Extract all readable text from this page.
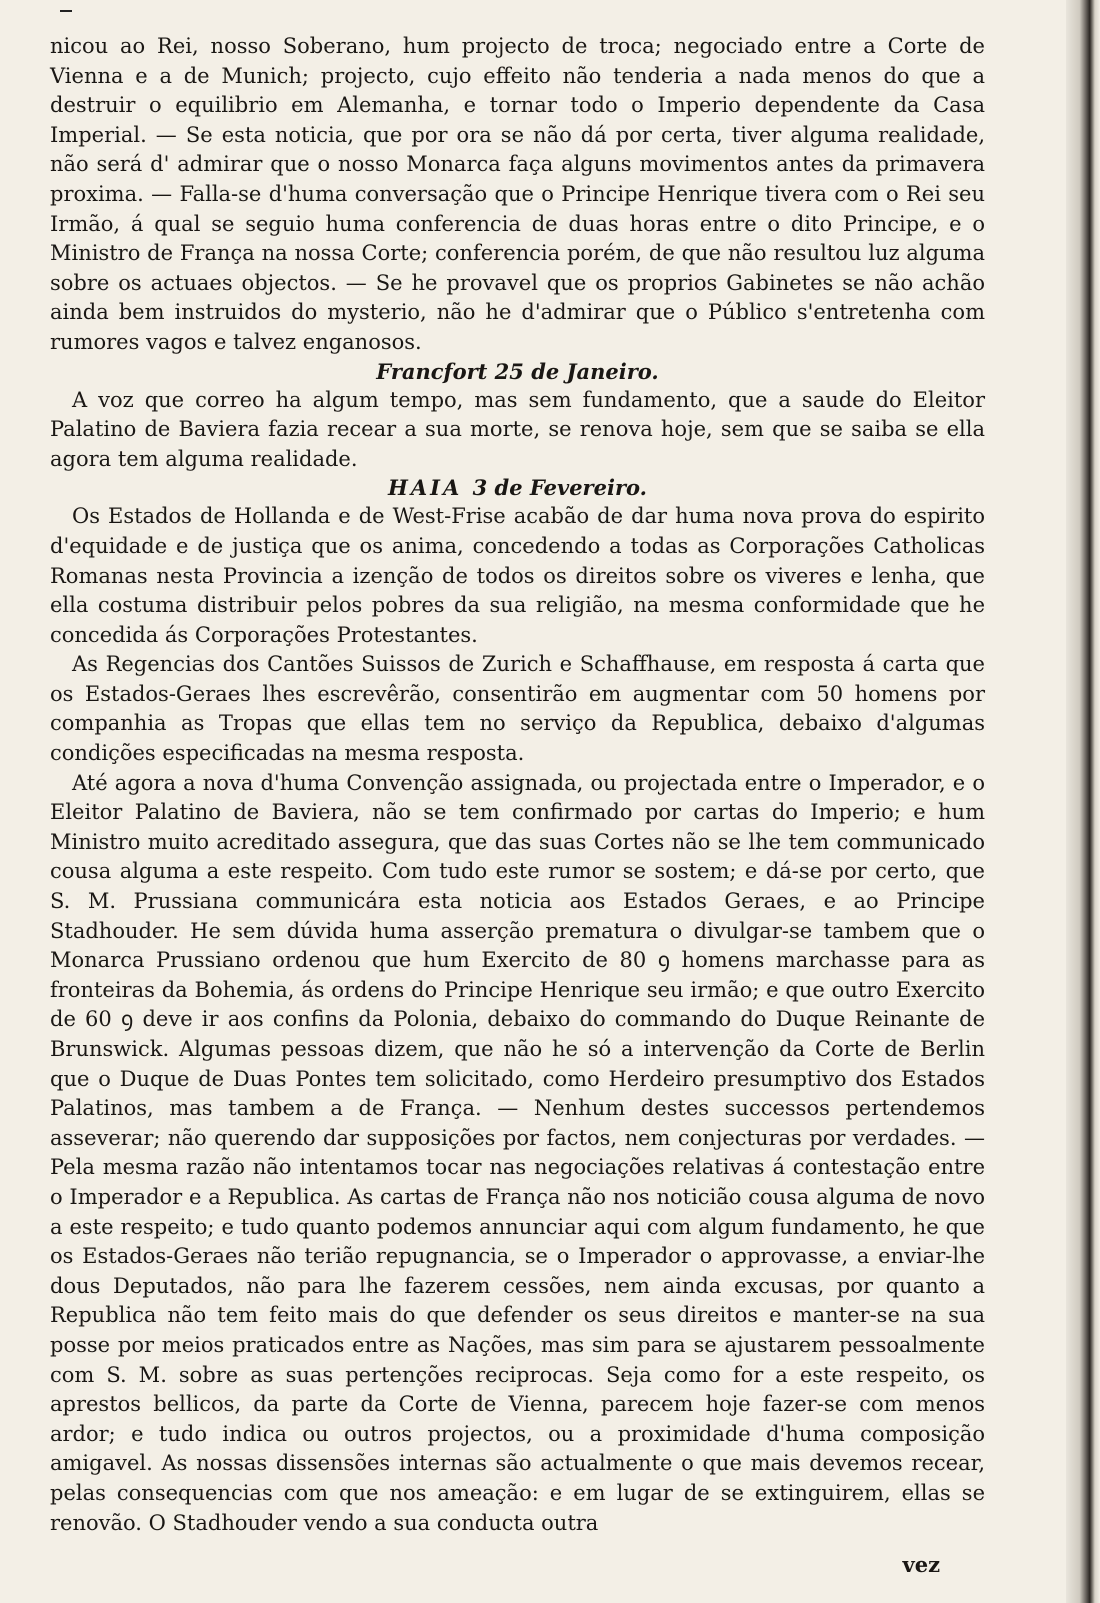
nicou ao Rei, nosso Soberano, hum projecto de troca; negociado entre a Corte de Vienna e a de Munich; projecto, cujo effeito não tenderia a nada menos do que a destruir o equilibrio em Alemanha, e tornar todo o Imperio dependente da Casa Imperial. — Se esta noticia, que por ora se não dá por certa, tiver alguma realidade, não será d' admirar que o nosso Monarca faça alguns movimentos antes da primavera proxima. — Falla-se d'huma conversação que o Principe Henrique tivera com o Rei seu Irmão, á qual se seguio huma conferencia de duas horas entre o dito Principe, e o Ministro de França na nossa Corte; conferencia porém, de que não resultou luz alguma sobre os actuaes objectos. — Se he provavel que os proprios Gabinetes se não achão ainda bem instruidos do mysterio, não he d'admirar que o Público s'entretenha com rumores vagos e talvez enganosos.

Francfort 25 de Janeiro.

A voz que correo ha algum tempo, mas sem fundamento, que a saude do Eleitor Palatino de Baviera fazia recear a sua morte, se renova hoje, sem que se saiba se ella agora tem alguma realidade.

HAIA 3 de Fevereiro.

Os Estados de Hollanda e de West-Frise acabão de dar huma nova prova do espirito d'equidade e de justiça que os anima, concedendo a todas as Corporações Catholicas Romanas nesta Provincia a izenção de todos os direitos sobre os viveres e lenha, que ella costuma distribuir pelos pobres da sua religião, na mesma conformidade que he concedida ás Corporações Protestantes.

As Regencias dos Cantões Suissos de Zurich e Schaffhause, em resposta á carta que os Estados-Geraes lhes escrevêrão, consentirão em augmentar com 50 homens por companhia as Tropas que ellas tem no serviço da Republica, debaixo d'algumas condições especificadas na mesma resposta.

Até agora a nova d'huma Convenção assignada, ou projectada entre o Imperador, e o Eleitor Palatino de Baviera, não se tem confirmado por cartas do Imperio; e hum Ministro muito acreditado assegura, que das suas Cortes não se lhe tem communicado cousa alguma a este respeito. Com tudo este rumor se sostem; e dá-se por certo, que S. M. Prussiana communicára esta noticia aos Estados Geraes, e ao Principe Stadhouder. He sem dúvida huma asserção prematura o divulgar-se tambem que o Monarca Prussiano ordenou que hum Exercito de 80 ꝯ homens marchasse para as fronteiras da Bohemia, ás ordens do Principe Henrique seu irmão; e que outro Exercito de 60 ꝯ deve ir aos confins da Polonia, debaixo do commando do Duque Reinante de Brunswick. Algumas pessoas dizem, que não he só a intervenção da Corte de Berlin que o Duque de Duas Pontes tem solicitado, como Herdeiro presumptivo dos Estados Palatinos, mas tambem a de França. — Nenhum destes successos pertendemos asseverar; não querendo dar supposições por factos, nem conjecturas por verdades. — Pela mesma razão não intentamos tocar nas negociações relativas á contestação entre o Imperador e a Republica. As cartas de França não nos noticião cousa alguma de novo a este respeito; e tudo quanto podemos annunciar aqui com algum fundamento, he que os Estados-Geraes não terião repugnancia, se o Imperador o approvasse, a enviar-lhe dous Deputados, não para lhe fazerem cessões, nem ainda excusas, por quanto a Republica não tem feito mais do que defender os seus direitos e manter-se na sua posse por meios praticados entre as Nações, mas sim para se ajustarem pessoalmente com S. M. sobre as suas pertenções reciprocas. Seja como for a este respeito, os aprestos bellicos, da parte da Corte de Vienna, parecem hoje fazer-se com menos ardor; e tudo indica ou outros projectos, ou a proximidade d'huma composição amigavel. As nossas dissensões internas são actualmente o que mais devemos recear, pelas consequencias com que nos ameação: e em lugar de se extinguirem, ellas se renovão. O Stadhouder vendo a sua conducta outra

vez
